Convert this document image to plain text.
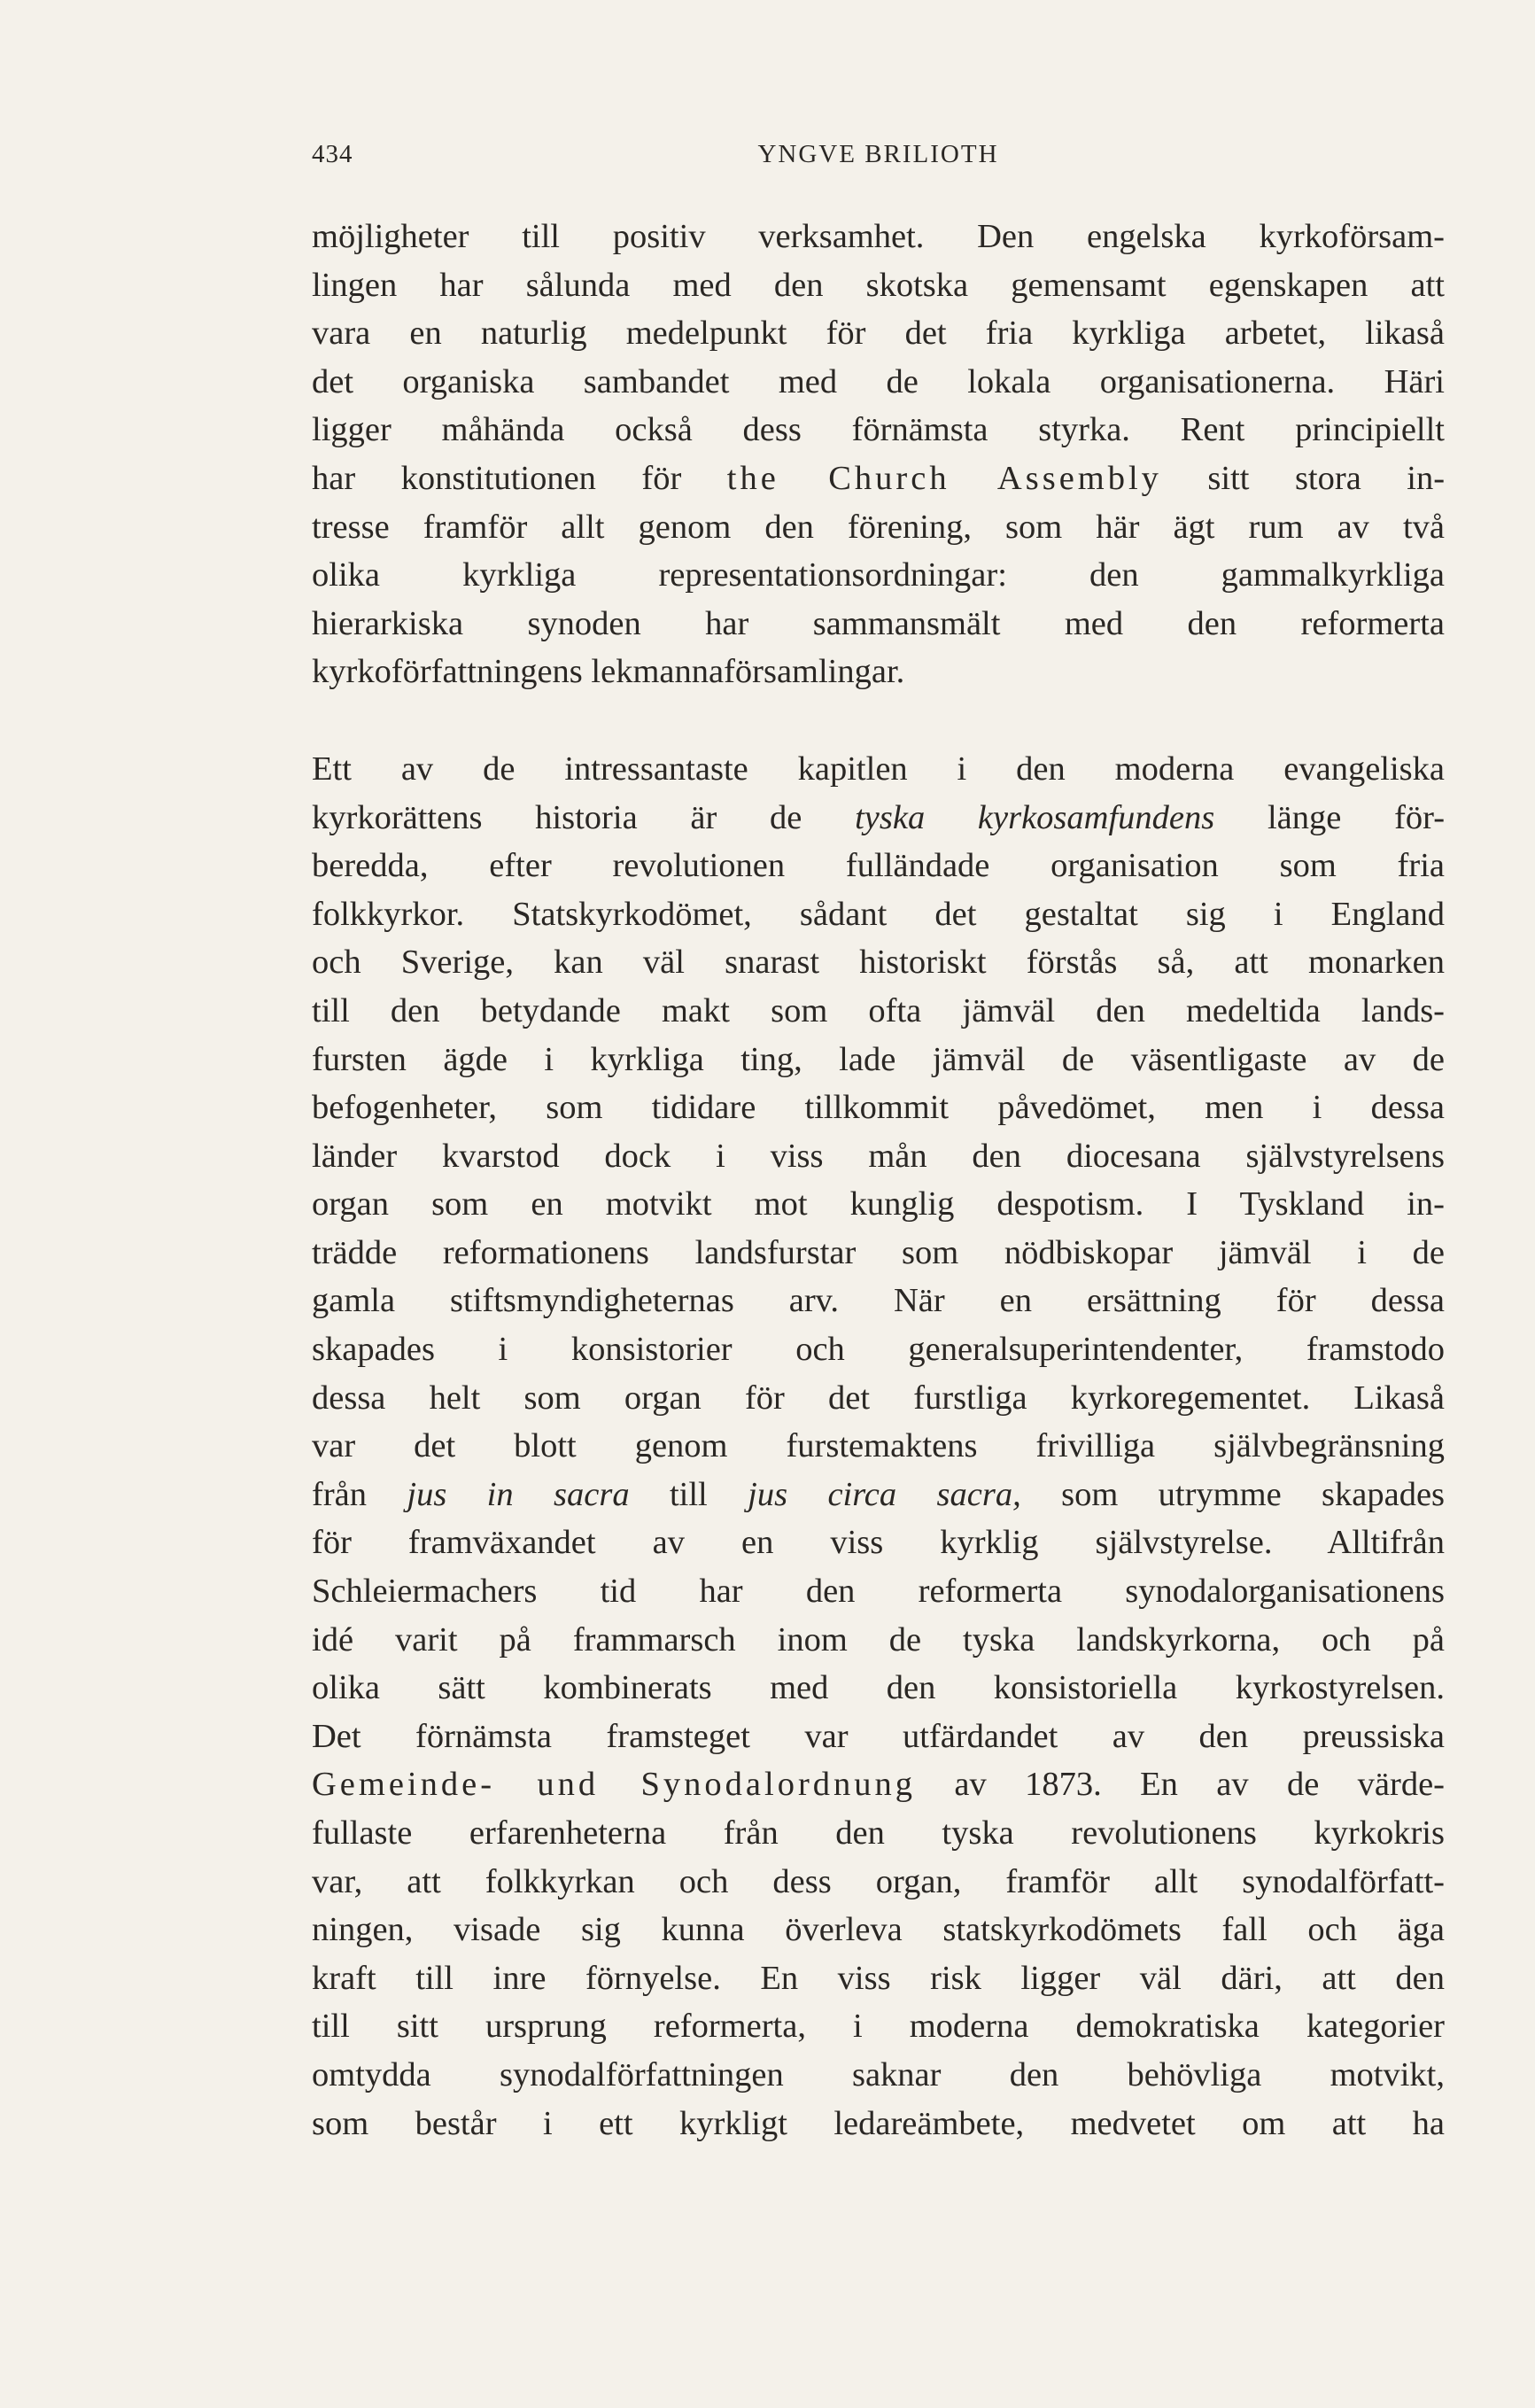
434	YNGVE BRILIOTH
möjligheter till positiv verksamhet. Den engelska kyrkoförsam-
lingen har sålunda med den skotska gemensamt egenskapen att
vara en naturlig medelpunkt för det fria kyrkliga arbetet, likaså
det organiska sambandet med de lokala organisationerna. Häri
ligger måhända också dess förnämsta styrka. Rent principiellt
har konstitutionen för the Church Assembly sitt stora in-
tresse framför allt genom den förening, som här ägt rum av två
olika kyrkliga representationsordningar: den gammalkyrkliga
hierarkiska synoden har sammansmält med den reformerta
kyrkoförfattningens lekmannaförsamlingar.
Ett av de intressantaste kapitlen i den moderna evangeliska
kyrkorättens historia är de tyska kyrkosamfundens länge för-
beredda, efter revolutionen fulländade organisation som fria
folkkyrkor. Statskyrkodömet, sådant det gestaltat sig i England
och Sverige, kan väl snarast historiskt förstås så, att monarken
till den betydande makt som ofta jämväl den medeltida lands-
fursten ägde i kyrkliga ting, lade jämväl de väsentligaste av de
befogenheter, som tididare tillkommit påvedömet, men i dessa
länder kvarstod dock i viss mån den diocesana självstyrelsens
organ som en motvikt mot kunglig despotism. I Tyskland in-
trädde reformationens landsfurstar som nödbiskopar jämväl i de
gamla stiftsmyndigheternas arv. När en ersättning för dessa
skapades i konsistorier och generalsuperintendenter, framstodo
dessa helt som organ för det furstliga kyrkoregementet. Likaså
var det blott genom furstemaktens frivilliga självbegränsning
från jus in sacra till jus circa sacra, som utrymme skapades
för framväxandet av en viss kyrklig självstyrelse. Alltifrån
Schleiermachers tid har den reformerta synodalorganisationens
idé varit på frammarsch inom de tyska landskyrkorna, och på
olika sätt kombinerats med den konsistoriella kyrkostyrelsen.
Det förnämsta framsteget var utfärdandet av den preussiska
Gemeinde- und Synodalordnung av 1873. En av de värde-
fullaste erfarenheterna från den tyska revolutionens kyrkokris
var, att folkkyrkan och dess organ, framför allt synodalförfatt-
ningen, visade sig kunna överleva statskyrkodömets fall och äga
kraft till inre förnyelse. En viss risk ligger väl däri, att den
till sitt ursprung reformerta, i moderna demokratiska kategorier
omtydda synodalförfattningen saknar den behövliga motvikt,
som består i ett kyrkligt ledareämbete, medvetet om att ha
